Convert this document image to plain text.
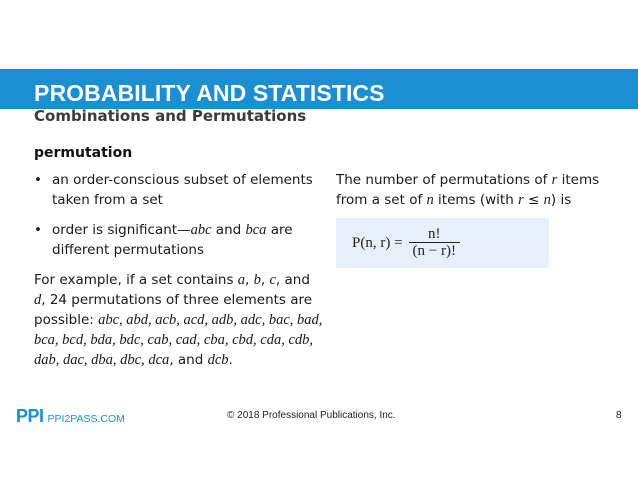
PROBABILITY AND STATISTICS
Combinations and Permutations
permutation
• an order-conscious subset of elements taken from a set
• order is significant—abc and bca are different permutations
For example, if a set contains a, b, c, and d, 24 permutations of three elements are possible: abc, abd, acb, acd, adb, adc, bac, bad, bca, bcd, bda, bdc, cab, cad, cba, cbd, cda, cdb, dab, dac, dba, dbc, dca, and dcb.
The number of permutations of r items from a set of n items (with r ≤ n) is
P(n, $r) = \frac{n!}{(n - r)!}$
PPI PPI2PASS.COM	© 2018 Professional Publications, Inc.	8
